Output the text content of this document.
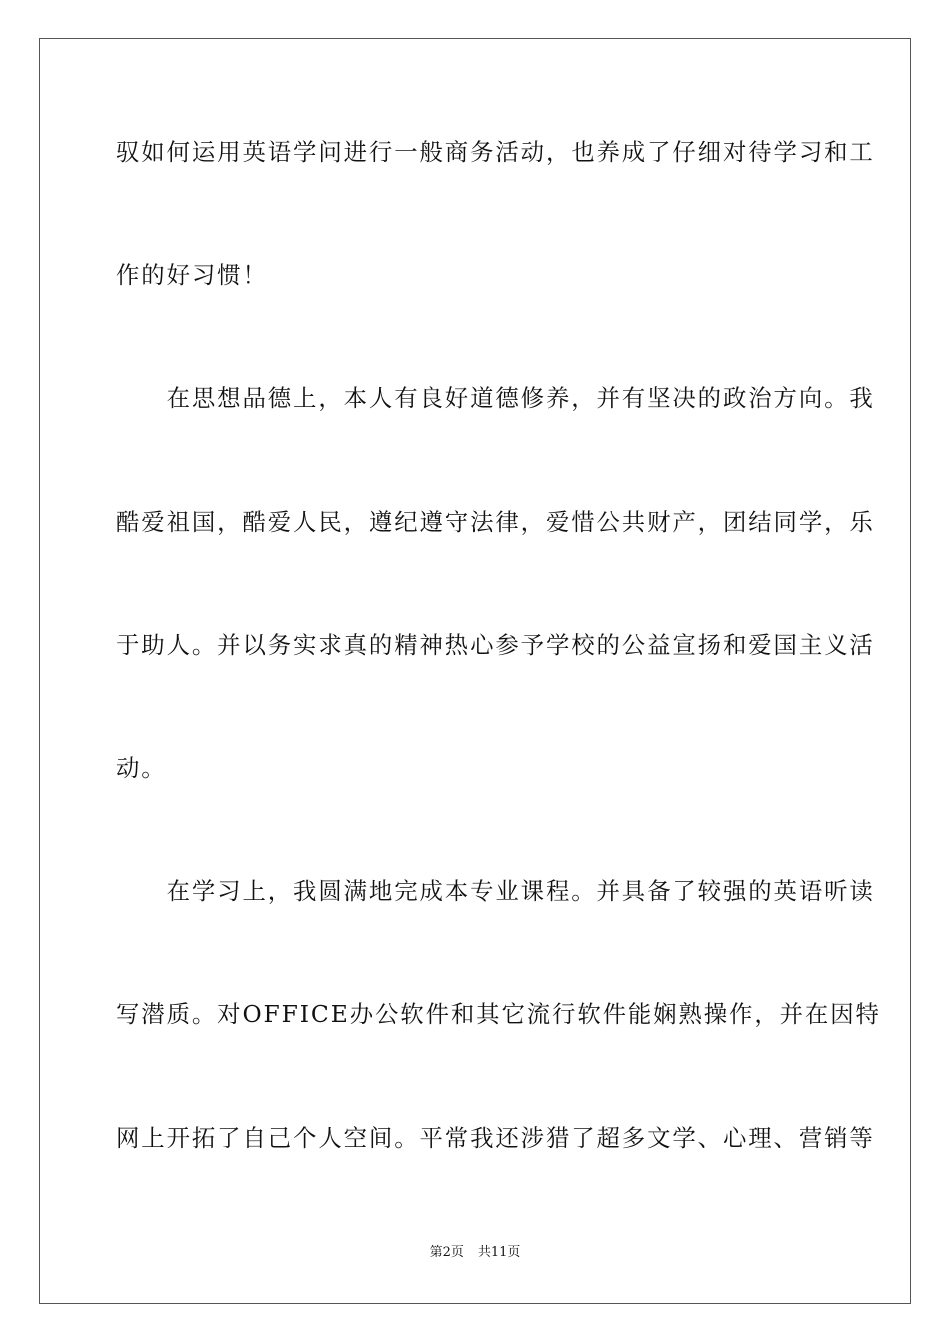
驭如何运用英语学问进行一般商务活动，也养成了仔细对待学习和工
作的好习惯！
　　在思想品德上，本人有良好道德修养，并有坚决的政治方向。我
酷爱祖国，酷爱人民，遵纪遵守法律，爱惜公共财产，团结同学，乐
于助人。并以务实求真的精神热心参予学校的公益宣扬和爱国主义活
动。
　　在学习上，我圆满地完成本专业课程。并具备了较强的英语听读
写潜质。对OFFICE办公软件和其它流行软件能娴熟操作，并在因特
网上开拓了自己个人空间。平常我还涉猎了超多文学、心理、营销等
第2页 共11页
